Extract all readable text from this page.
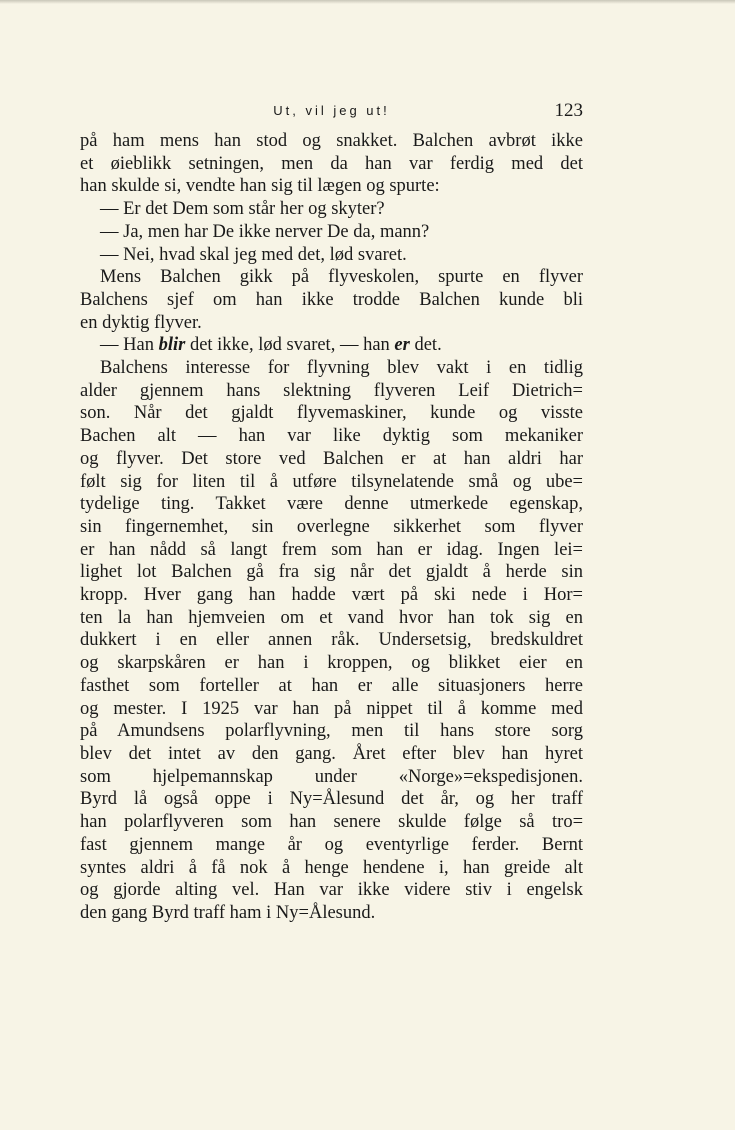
Ut, vil jeg ut!	123
på ham mens han stod og snakket. Balchen avbrøt ikke
et øieblikk setningen, men da han var ferdig med det
han skulde si, vendte han sig til lægen og spurte:
— Er det Dem som står her og skyter?
— Ja, men har De ikke nerver De da, mann?
— Nei, hvad skal jeg med det, lød svaret.
Mens Balchen gikk på flyveskolen, spurte en flyver
Balchens sjef om han ikke trodde Balchen kunde bli
en dyktig flyver.
— Han blir det ikke, lød svaret, — han er det.
Balchens interesse for flyvning blev vakt i en tidlig
alder gjennem hans slektning flyveren Leif Dietrich=
son. Når det gjaldt flyvemaskiner, kunde og visste
Bachen alt — han var like dyktig som mekaniker
og flyver. Det store ved Balchen er at han aldri har
følt sig for liten til å utføre tilsynelatende små og ube=
tydelige ting. Takket være denne utmerkede egenskap,
sin fingernemhet, sin overlegne sikkerhet som flyver
er han nådd så langt frem som han er idag. Ingen lei=
lighet lot Balchen gå fra sig når det gjaldt å herde sin
kropp. Hver gang han hadde vært på ski nede i Hor=
ten la han hjemveien om et vand hvor han tok sig en
dukkert i en eller annen råk. Undersetsig, bredskuldret
og skarpskåren er han i kroppen, og blikket eier en
fasthet som forteller at han er alle situasjoners herre
og mester. I 1925 var han på nippet til å komme med
på Amundsens polarflyvning, men til hans store sorg
blev det intet av den gang. Året efter blev han hyret
som hjelpemannskap under «Norge»=ekspedisjonen.
Byrd lå også oppe i Ny=Ålesund det år, og her traff
han polarflyveren som han senere skulde følge så tro=
fast gjennem mange år og eventyrlige ferder. Bernt
syntes aldri å få nok å henge hendene i, han greide alt
og gjorde alting vel. Han var ikke videre stiv i engelsk
den gang Byrd traff ham i Ny=Ålesund.
